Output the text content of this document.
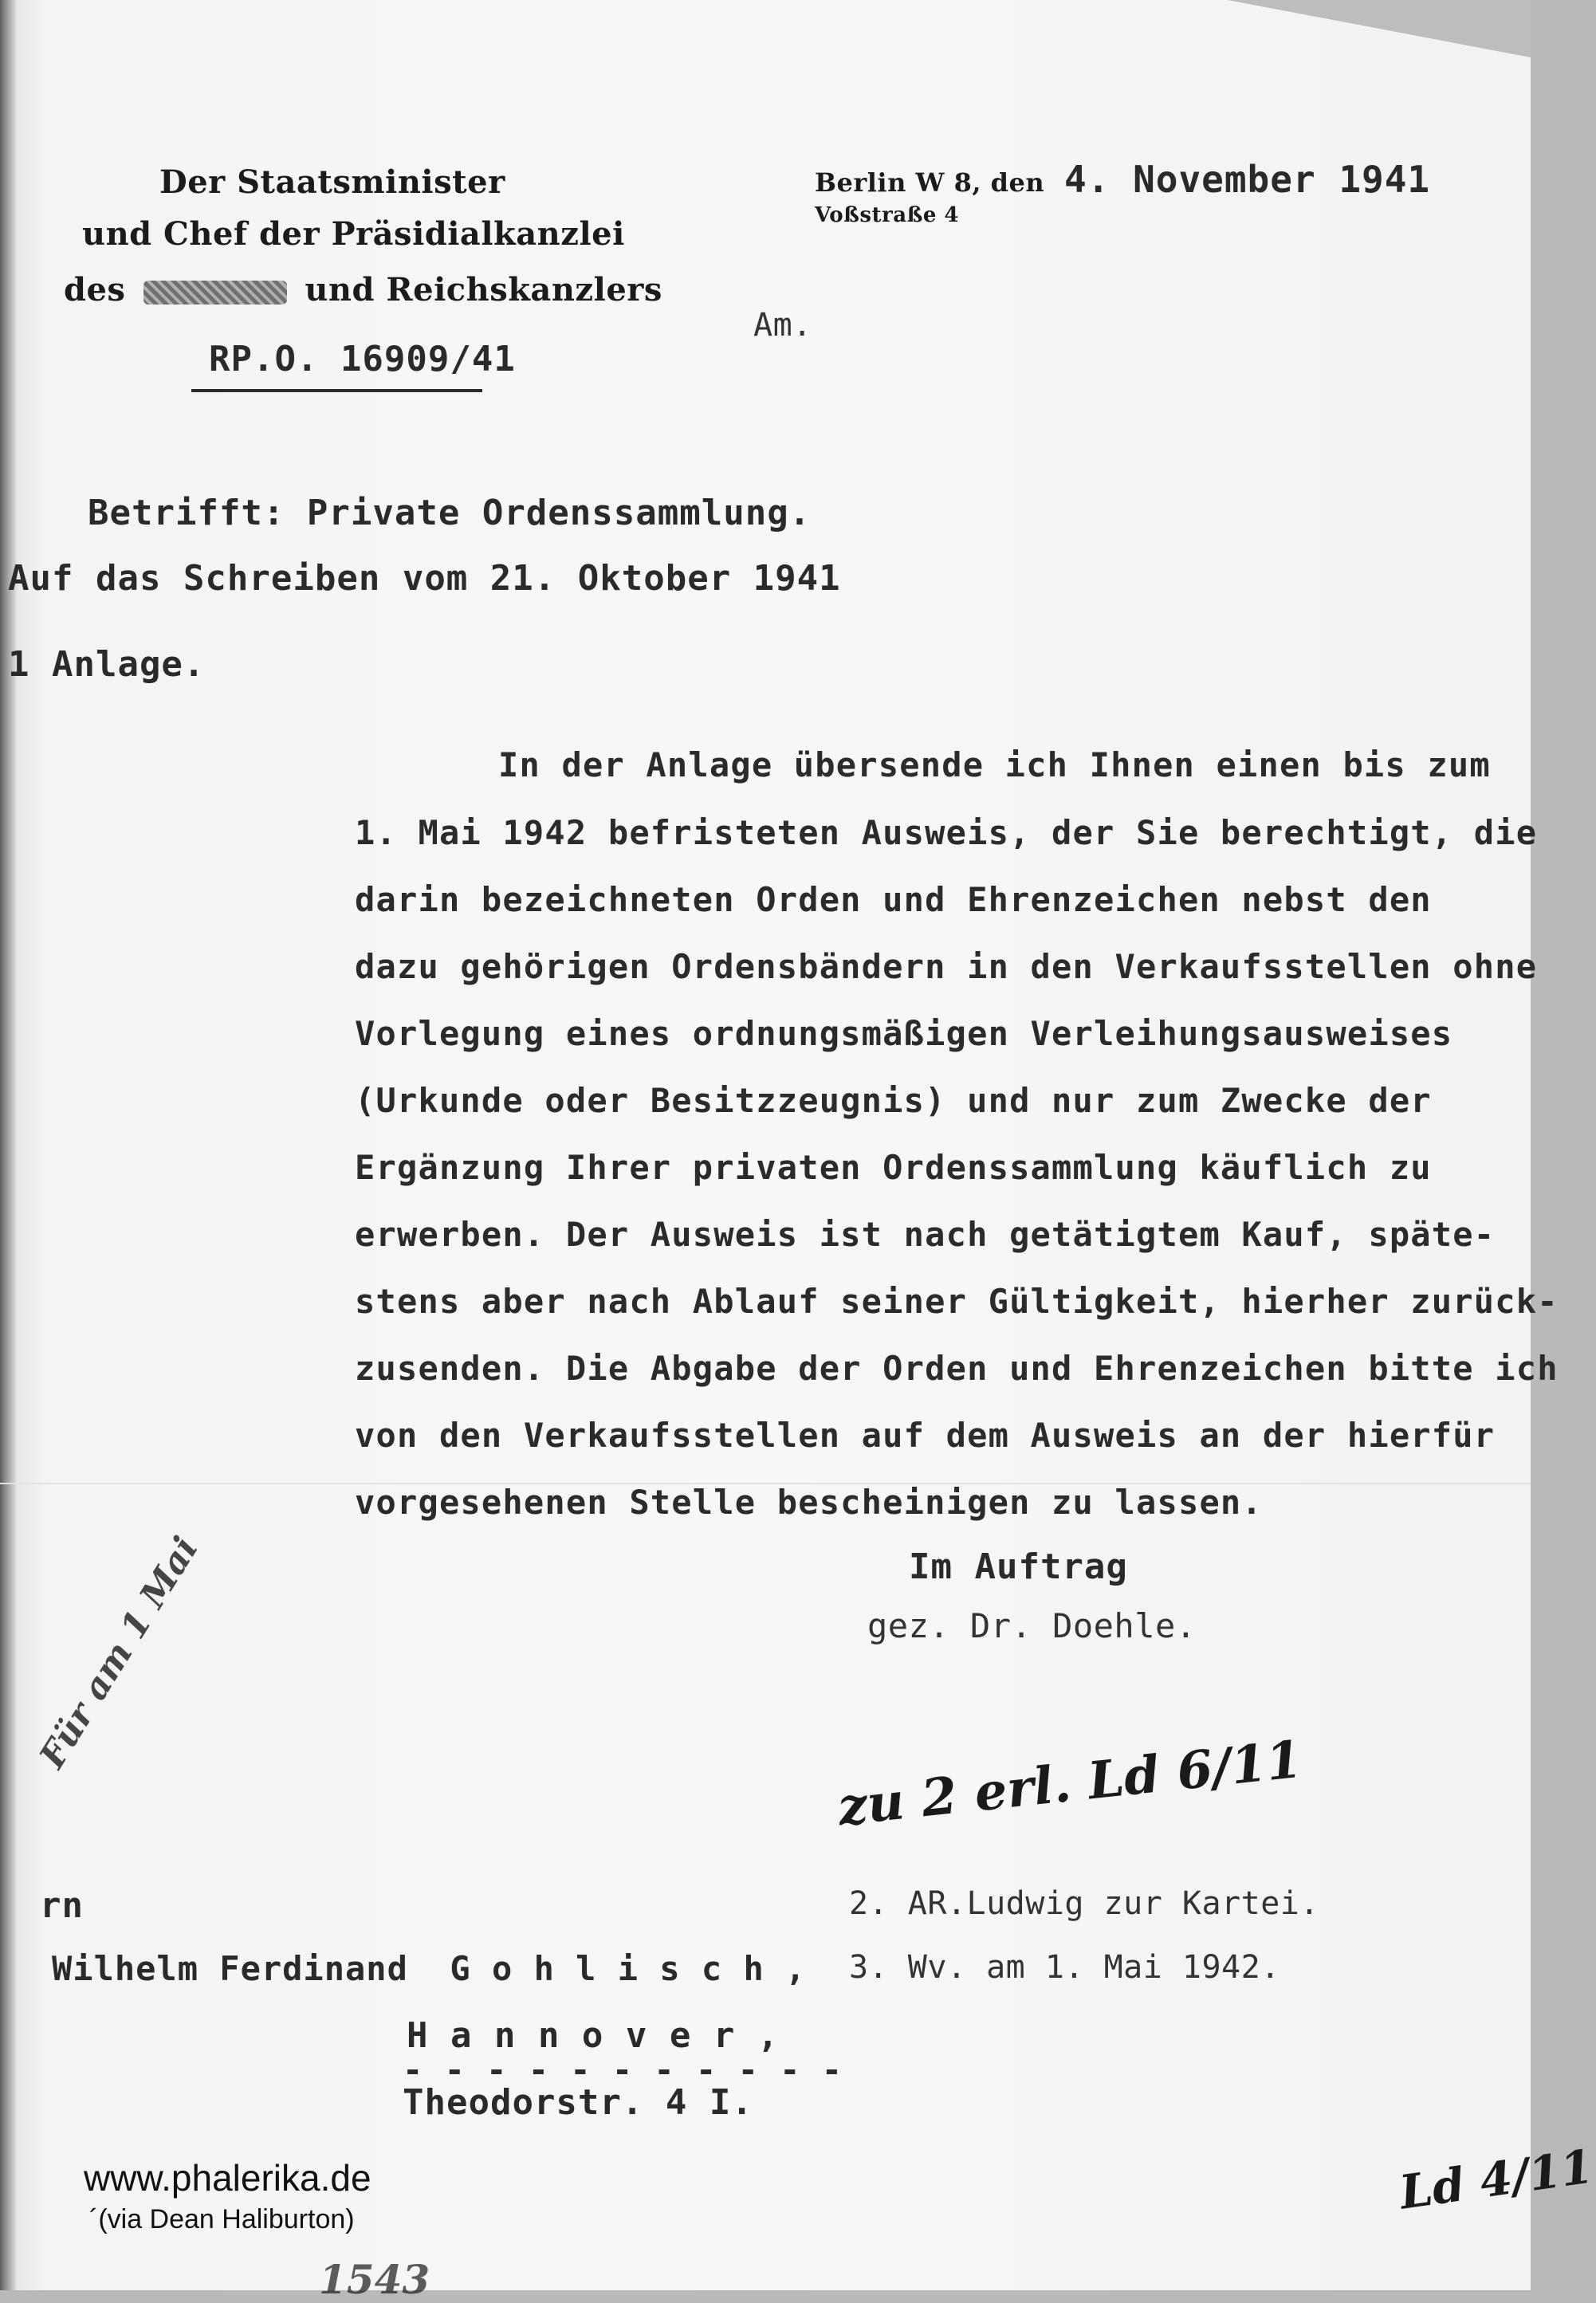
Der Staatsminister
und Chef der Präsidialkanzlei
des	und Reichskanzlers
RP.O. 16909/41
Berlin W 8, den
Voßstraße 4
4. November 1941
Am.
Betrifft: Private Ordenssammlung.
Auf das Schreiben vom 21. Oktober 1941
1 Anlage.
In der Anlage übersende ich Ihnen einen bis zum
1. Mai 1942 befristeten Ausweis, der Sie berechtigt, die
darin bezeichneten Orden und Ehrenzeichen nebst den
dazu gehörigen Ordensbändern in den Verkaufsstellen ohne
Vorlegung eines ordnungsmäßigen Verleihungsausweises
(Urkunde oder Besitzzeugnis) und nur zum Zwecke der
Ergänzung Ihrer privaten Ordenssammlung käuflich zu
erwerben. Der Ausweis ist nach getätigtem Kauf, späte-
stens aber nach Ablauf seiner Gültigkeit, hierher zurück-
zusenden. Die Abgabe der Orden und Ehrenzeichen bitte ich
von den Verkaufsstellen auf dem Ausweis an der hierfür
vorgesehenen Stelle bescheinigen zu lassen.
Im Auftrag
gez. Dr. Doehle.
Für am 1 Mai
zu 2 erl. Ld 6/11
Ld 4/11
1543
2. AR.Ludwig zur Kartei.
3. Wv. am 1. Mai 1942.
rn
Wilhelm Ferdinand  G o h l i s c h ,
H a n n o v e r ,
- - - - - - - - - - -
Theodorstr. 4 I.
www.phalerika.de
´(via Dean Haliburton)
